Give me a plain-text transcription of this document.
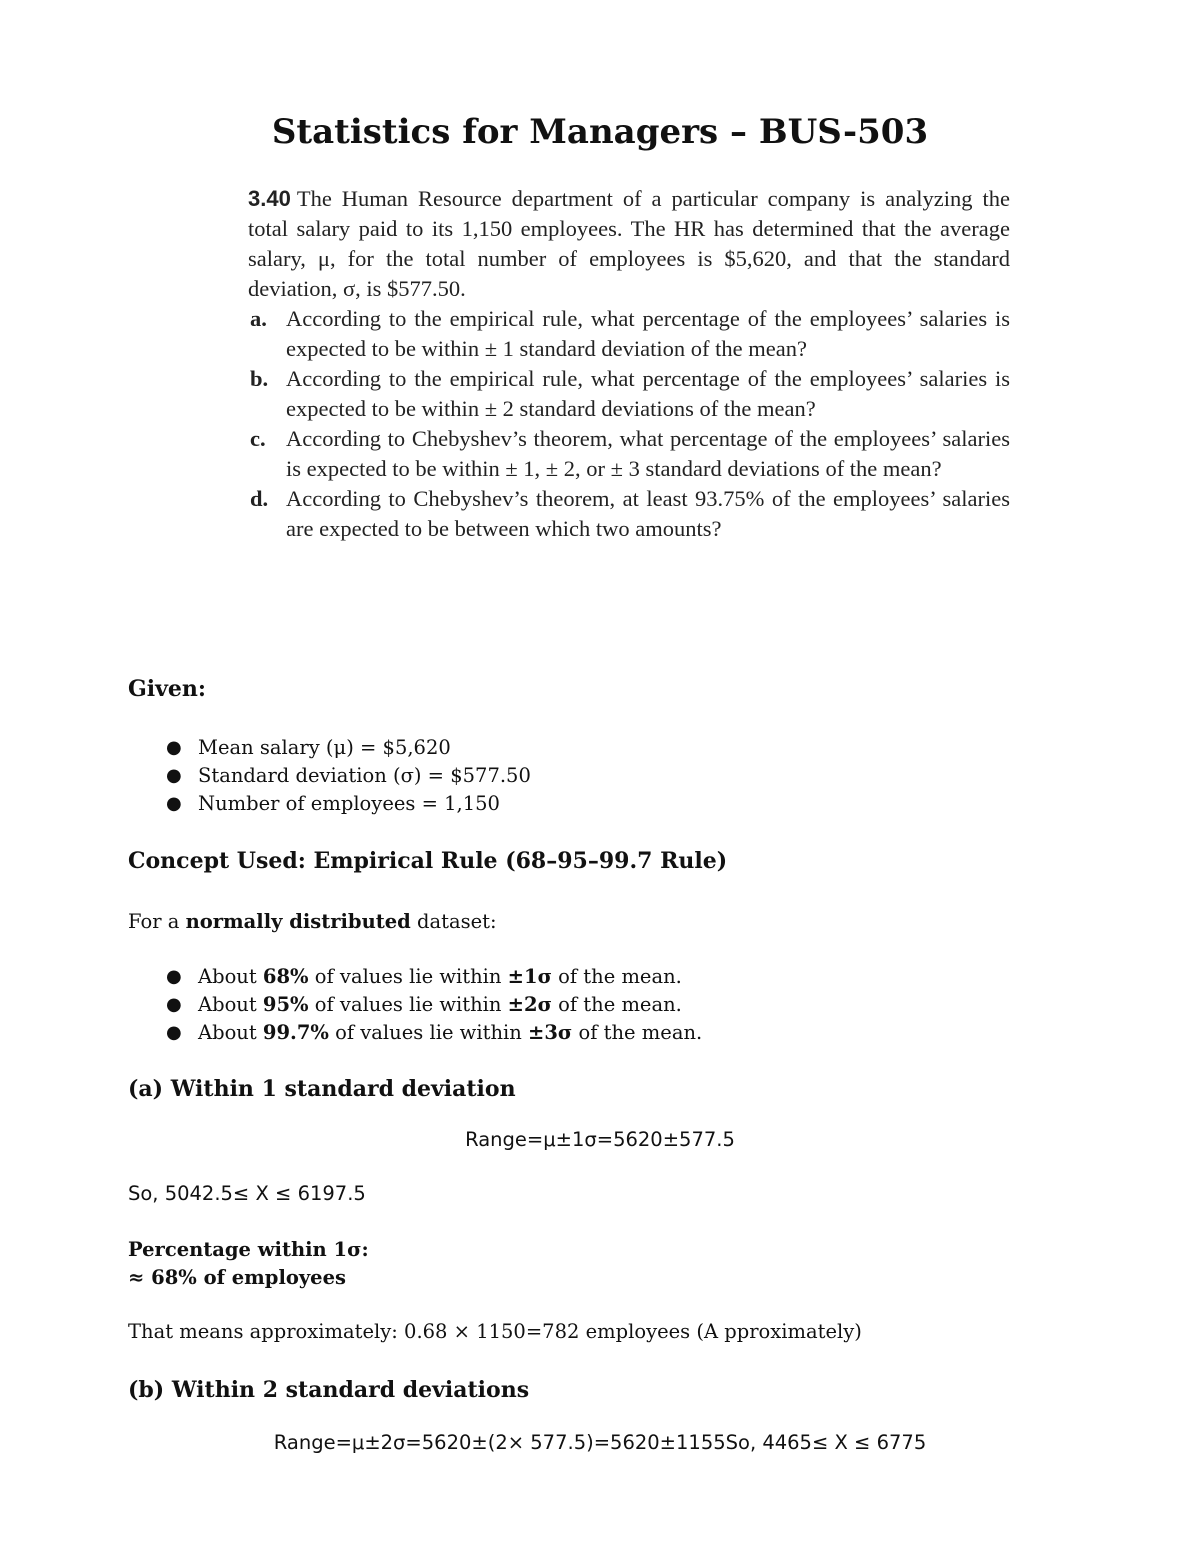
Statistics for Managers – BUS-503
3.40 The Human Resource department of a particular company is analyzing the total salary paid to its 1,150 employees. The HR has determined that the average salary, μ, for the total number of employees is $5,620, and that the standard deviation, σ, is $577.50.
a. According to the empirical rule, what percentage of the employees’ salaries is expected to be within ± 1 standard deviation of the mean?
b. According to the empirical rule, what percentage of the employees’ salaries is expected to be within ± 2 standard deviations of the mean?
c. According to Chebyshev’s theorem, what percentage of the employees’ salaries is expected to be within ± 1, ± 2, or ± 3 standard deviations of the mean?
d. According to Chebyshev’s theorem, at least 93.75% of the employees’ salaries are expected to be between which two amounts?
Given:
● Mean salary (μ) = $5,620
● Standard deviation (σ) = $577.50
● Number of employees = 1,150
Concept Used: Empirical Rule (68–95–99.7 Rule)
For a normally distributed dataset:
● About 68% of values lie within ±1σ of the mean.
● About 95% of values lie within ±2σ of the mean.
● About 99.7% of values lie within ±3σ of the mean.
(a) Within 1 standard deviation
Range=μ±1σ=5620±577.5
So, 5042.5≤ X ≤ 6197.5
Percentage within 1σ:
≈ 68% of employees
That means approximately: 0.68 × 1150=782 employees (A pproximately)
(b) Within 2 standard deviations
Range=μ±2σ=5620±(2× 577.5)=5620±1155So, 4465≤ X ≤ 6775
